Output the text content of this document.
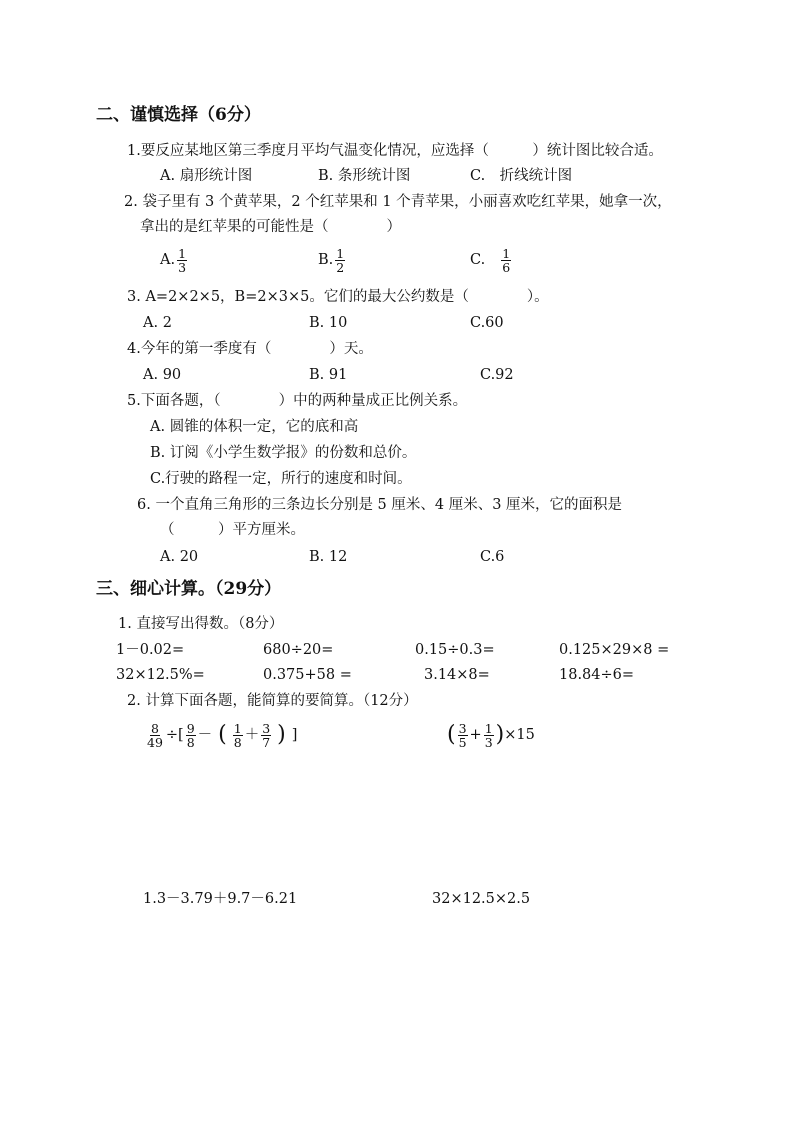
二、谨慎选择（6分）
1.要反应某地区第三季度月平均气温变化情况，应选择（　　　）统计图比较合适。
A. 扇形统计图	B. 条形统计图	C.　折线统计图
2. 袋子里有 3 个黄苹果，2 个红苹果和 1 个青苹果，小丽喜欢吃红苹果，她拿一次，
拿出的是红苹果的可能性是（　　　　）
A. $\frac{1}{3}$	B. $\frac{1}{2}$	C. $\frac{1}{6}$
3. A=2×2×5，B=2×3×5。它们的最大公约数是（　　　　）。
A. 2	B. 10	C.60
4.今年的第一季度有（　　　　）天。
A. 90	B. 91	C.92
5.下面各题，（　　　　）中的两种量成正比例关系。
A. 圆锥的体积一定，它的底和高
B. 订阅《小学生数学报》的份数和总价。
C.行驶的路程一定，所行的速度和时间。
6. 一个直角三角形的三条边长分别是 5 厘米、4 厘米、3 厘米，它的面积是
（　　　）平方厘米。
A. 20	B. 12	C.6
三、细心计算。（29分）
1. 直接写出得数。（8分）
1－0.02=	680÷20=	0.15÷0.3=	0.125×29×8 =
32×12.5%=	0.375+58 =	3.14×8=	18.84÷6=
2. 计算下面各题，能简算的要简算。（12分）
$\frac{8}{49}$ ÷[ $\frac{9}{8}$ － ( $\frac{1}{8} + \frac{3}{7}$ ) ]	( $\frac{3}{5} + \frac{1}{3} )\times 15$
1.3－3.79＋9.7－6.21	32×12.5×2.5
